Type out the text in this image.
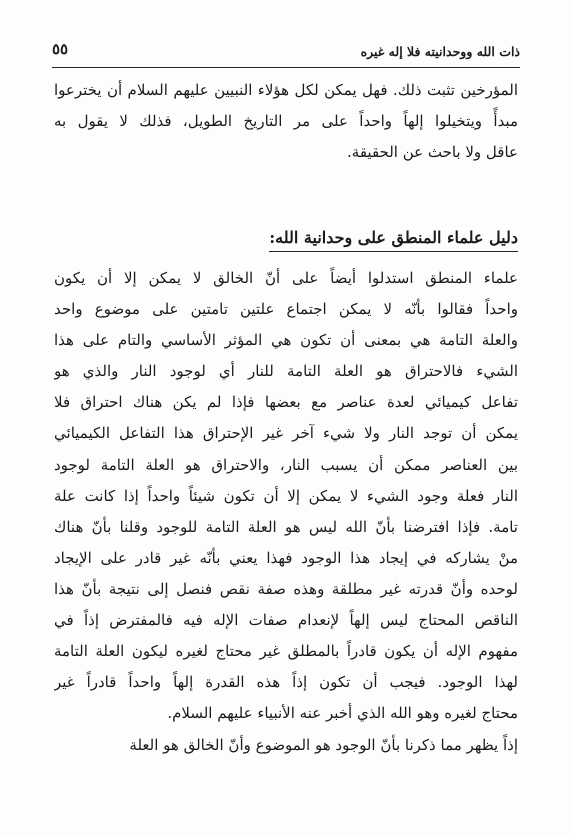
ذات الله ووحدانيته فلا إله غيره
٥٥
المؤرخين تثبت ذلك. فهل يمكن لكل هؤلاء النبيين عليهم السلام أن يخترعوا
مبدأً ويتخيلوا إلهاً واحداً على مر التاريخ الطويل، فذلك لا يقول به
عاقل ولا باحث عن الحقيقة.
دليل علماء المنطق على وحدانية الله:
علماء المنطق استدلوا أيضاً على أنّ الخالق لا يمكن إلا أن يكون
واحداً فقالوا بأنّه لا يمكن اجتماع علتين تامتين على موضوع واحد
والعلة التامة هي بمعنى أن تكون هي المؤثر الأساسي والتام على هذا
الشيء فالاحتراق هو العلة التامة للنار أي لوجود النار والذي هو
تفاعل كيميائي لعدة عناصر مع بعضها فإذا لم يكن هناك احتراق فلا
يمكن أن توجد النار ولا شيء آخر غير الإحتراق هذا التفاعل الكيميائي
بين العناصر ممكن أن يسبب النار، والاحتراق هو العلة التامة لوجود
النار فعلة وجود الشيء لا يمكن إلا أن تكون شيئاً واحداً إذا كانت علة
تامة. فإذا افترضنا بأنّ الله ليس هو العلة التامة للوجود وقلنا بأنّ هناك
منْ يشاركه في إيجاد هذا الوجود فهذا يعني بأنّه غير قادر على الإيجاد
لوحده وأنّ قدرته غير مطلقة وهذه صفة نقص فنصل إلى نتيجة بأنّ هذا
الناقص المحتاج ليس إلهاً لإنعدام صفات الإله فيه فالمفترض إذاً في
مفهوم الإله أن يكون قادراً بالمطلق غير محتاج لغيره ليكون العلة التامة
لهذا الوجود. فيجب أن تكون إذاً هذه القدرة إلهاً واحداً قادراً غير
محتاج لغيره وهو الله الذي أخبر عنه الأنبياء عليهم السلام.
إذاً يظهر مما ذكرنا بأنّ الوجود هو الموضوع وأنّ الخالق هو العلة
